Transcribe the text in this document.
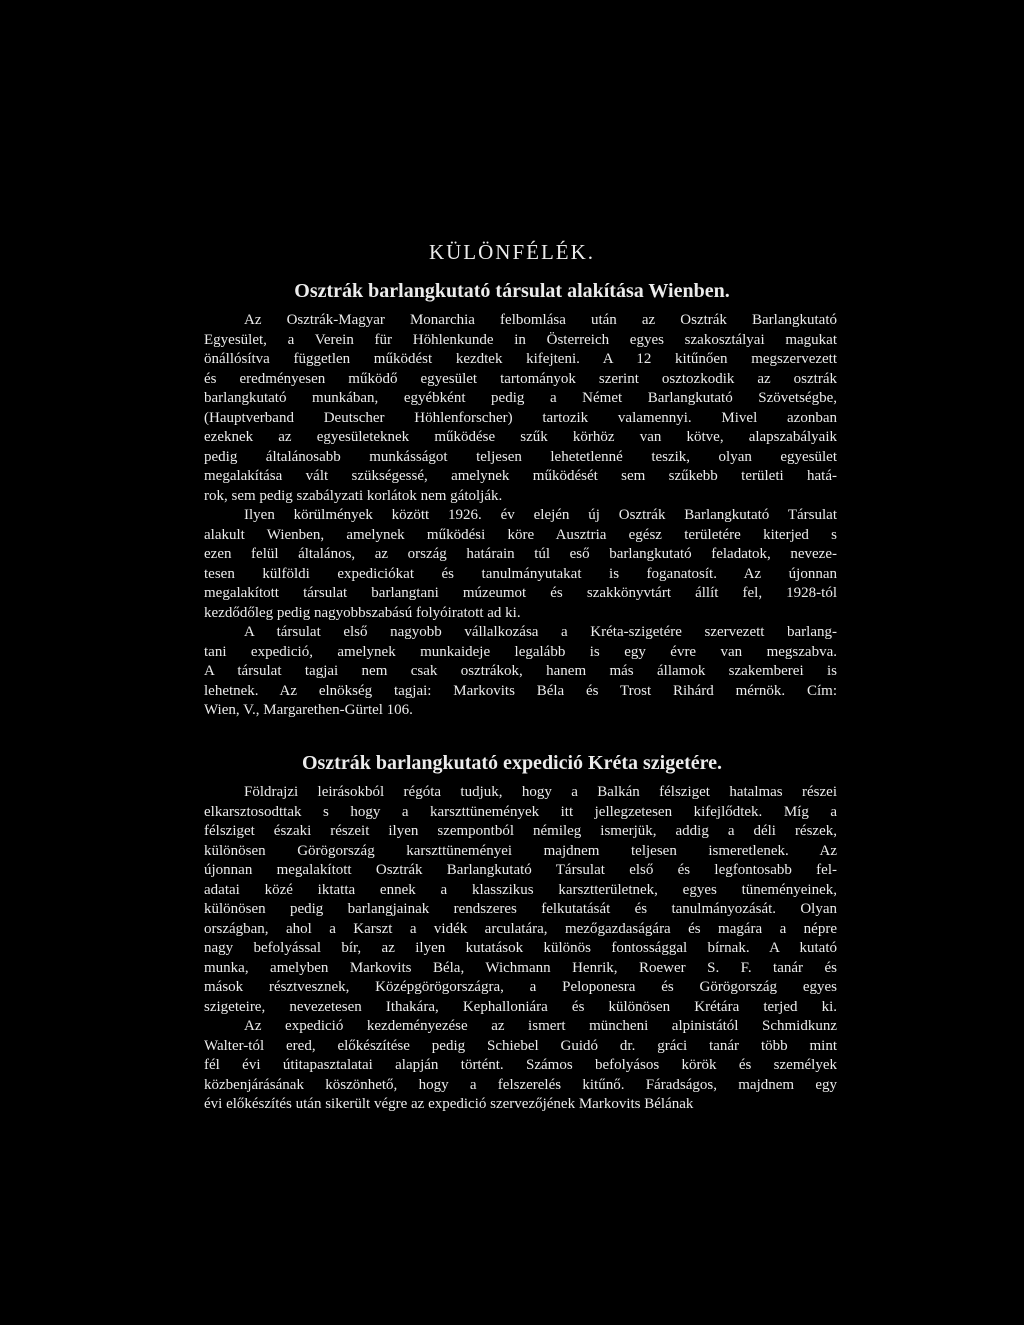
KÜLÖNFÉLÉK.
Osztrák barlangkutató társulat alakítása Wienben.
Az Osztrák-Magyar Monarchia felbomlása után az Osztrák Barlangkutató
Egyesület, a Verein für Höhlenkunde in Österreich egyes szakosztályai magukat
önállósítva független működést kezdtek kifejteni. A 12 kitűnően megszervezett
és eredményesen működő egyesület tartományok szerint osztozkodik az osztrák
barlangkutató munkában, egyébként pedig a Német Barlangkutató Szövetségbe,
(Hauptverband Deutscher Höhlenforscher) tartozik valamennyi. Mivel azonban
ezeknek az egyesületeknek működése szűk körhöz van kötve, alapszabályaik
pedig általánosabb munkásságot teljesen lehetetlenné teszik, olyan egyesület
megalakítása vált szükségessé, amelynek működését sem szűkebb területi hatá-
rok, sem pedig szabályzati korlátok nem gátolják.
Ilyen körülmények között 1926. év elején új Osztrák Barlangkutató Társulat
alakult Wienben, amelynek működési köre Ausztria egész területére kiterjed s
ezen felül általános, az ország határain túl eső barlangkutató feladatok, neveze-
tesen külföldi expediciókat és tanulmányutakat is foganatosít. Az újonnan
megalakított társulat barlangtani múzeumot és szakkönyvtárt állít fel, 1928-tól
kezdődőleg pedig nagyobbszabású folyóiratott ad ki.
A társulat első nagyobb vállalkozása a Kréta-szigetére szervezett barlang-
tani expedició, amelynek munkaideje legalább is egy évre van megszabva.
A társulat tagjai nem csak osztrákok, hanem más államok szakemberei is
lehetnek. Az elnökség tagjai: Markovits Béla és Trost Rihárd mérnök. Cím:
Wien, V., Margarethen-Gürtel 106.
Osztrák barlangkutató expedició Kréta szigetére.
Földrajzi leirásokból régóta tudjuk, hogy a Balkán félsziget hatalmas részei
elkarsztosodttak s hogy a karszttünemények itt jellegzetesen kifejlődtek. Míg a
félsziget északi részeit ilyen szempontból némileg ismerjük, addig a déli részek,
különösen Görögország karszttüneményei majdnem teljesen ismeretlenek. Az
újonnan megalakított Osztrák Barlangkutató Társulat első és legfontosabb fel-
adatai közé iktatta ennek a klasszikus karsztterületnek, egyes tüneményeinek,
különösen pedig barlangjainak rendszeres felkutatását és tanulmányozását. Olyan
országban, ahol a Karszt a vidék arculatára, mezőgazdaságára és magára a népre
nagy befolyással bír, az ilyen kutatások különös fontossággal bírnak. A kutató
munka, amelyben Markovits Béla, Wichmann Henrik, Roewer S. F. tanár és
mások résztvesznek, Középgörögországra, a Peloponesra és Görögország egyes
szigeteire, nevezetesen Ithakára, Kephalloniára és különösen Krétára terjed ki.
Az expedició kezdeményezése az ismert müncheni alpinistától Schmidkunz
Walter-tól ered, előkészítése pedig Schiebel Guidó dr. gráci tanár több mint
fél évi útitapasztalatai alapján történt. Számos befolyásos körök és személyek
közbenjárásának köszönhető, hogy a felszerelés kitűnő. Fáradságos, majdnem egy
évi előkészítés után sikerült végre az expedició szervezőjének Markovits Bélának
